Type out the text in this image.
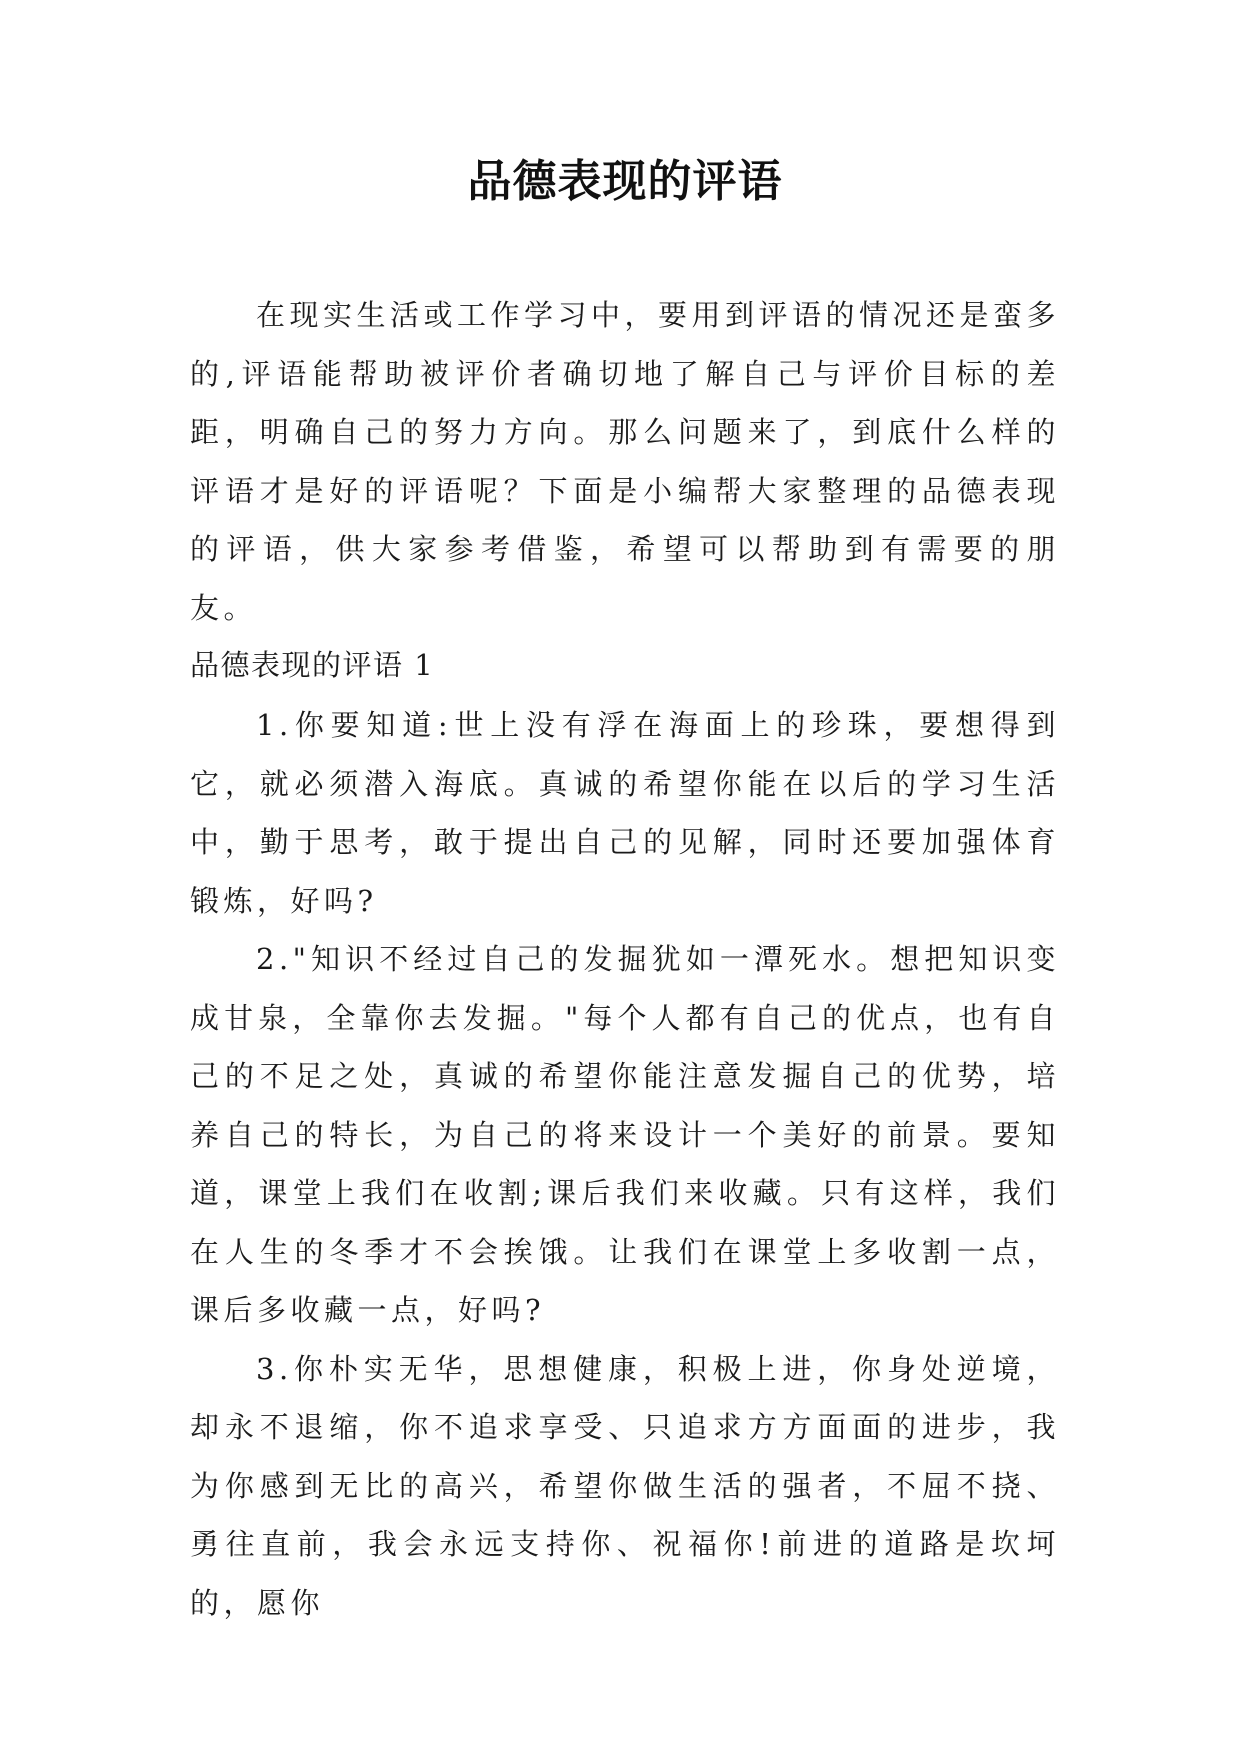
品德表现的评语

在现实生活或工作学习中，要用到评语的情况还是蛮多的,评语能帮助被评价者确切地了解自己与评价目标的差距，明确自己的努力方向。那么问题来了，到底什么样的评语才是好的评语呢？下面是小编帮大家整理的品德表现的评语，供大家参考借鉴，希望可以帮助到有需要的朋友。

品德表现的评语 1

1.你要知道:世上没有浮在海面上的珍珠，要想得到它，就必须潜入海底。真诚的希望你能在以后的学习生活中，勤于思考，敢于提出自己的见解，同时还要加强体育锻炼，好吗?

2."知识不经过自己的发掘犹如一潭死水。想把知识变成甘泉，全靠你去发掘。"每个人都有自己的优点，也有自己的不足之处，真诚的希望你能注意发掘自己的优势，培养自己的特长，为自己的将来设计一个美好的前景。要知道，课堂上我们在收割;课后我们来收藏。只有这样，我们在人生的冬季才不会挨饿。让我们在课堂上多收割一点，课后多收藏一点，好吗?

3.你朴实无华，思想健康，积极上进，你身处逆境，却永不退缩，你不追求享受、只追求方方面面的进步，我为你感到无比的高兴，希望你做生活的强者，不屈不挠、勇往直前，我会永远支持你、祝福你!前进的道路是坎坷的，愿你
